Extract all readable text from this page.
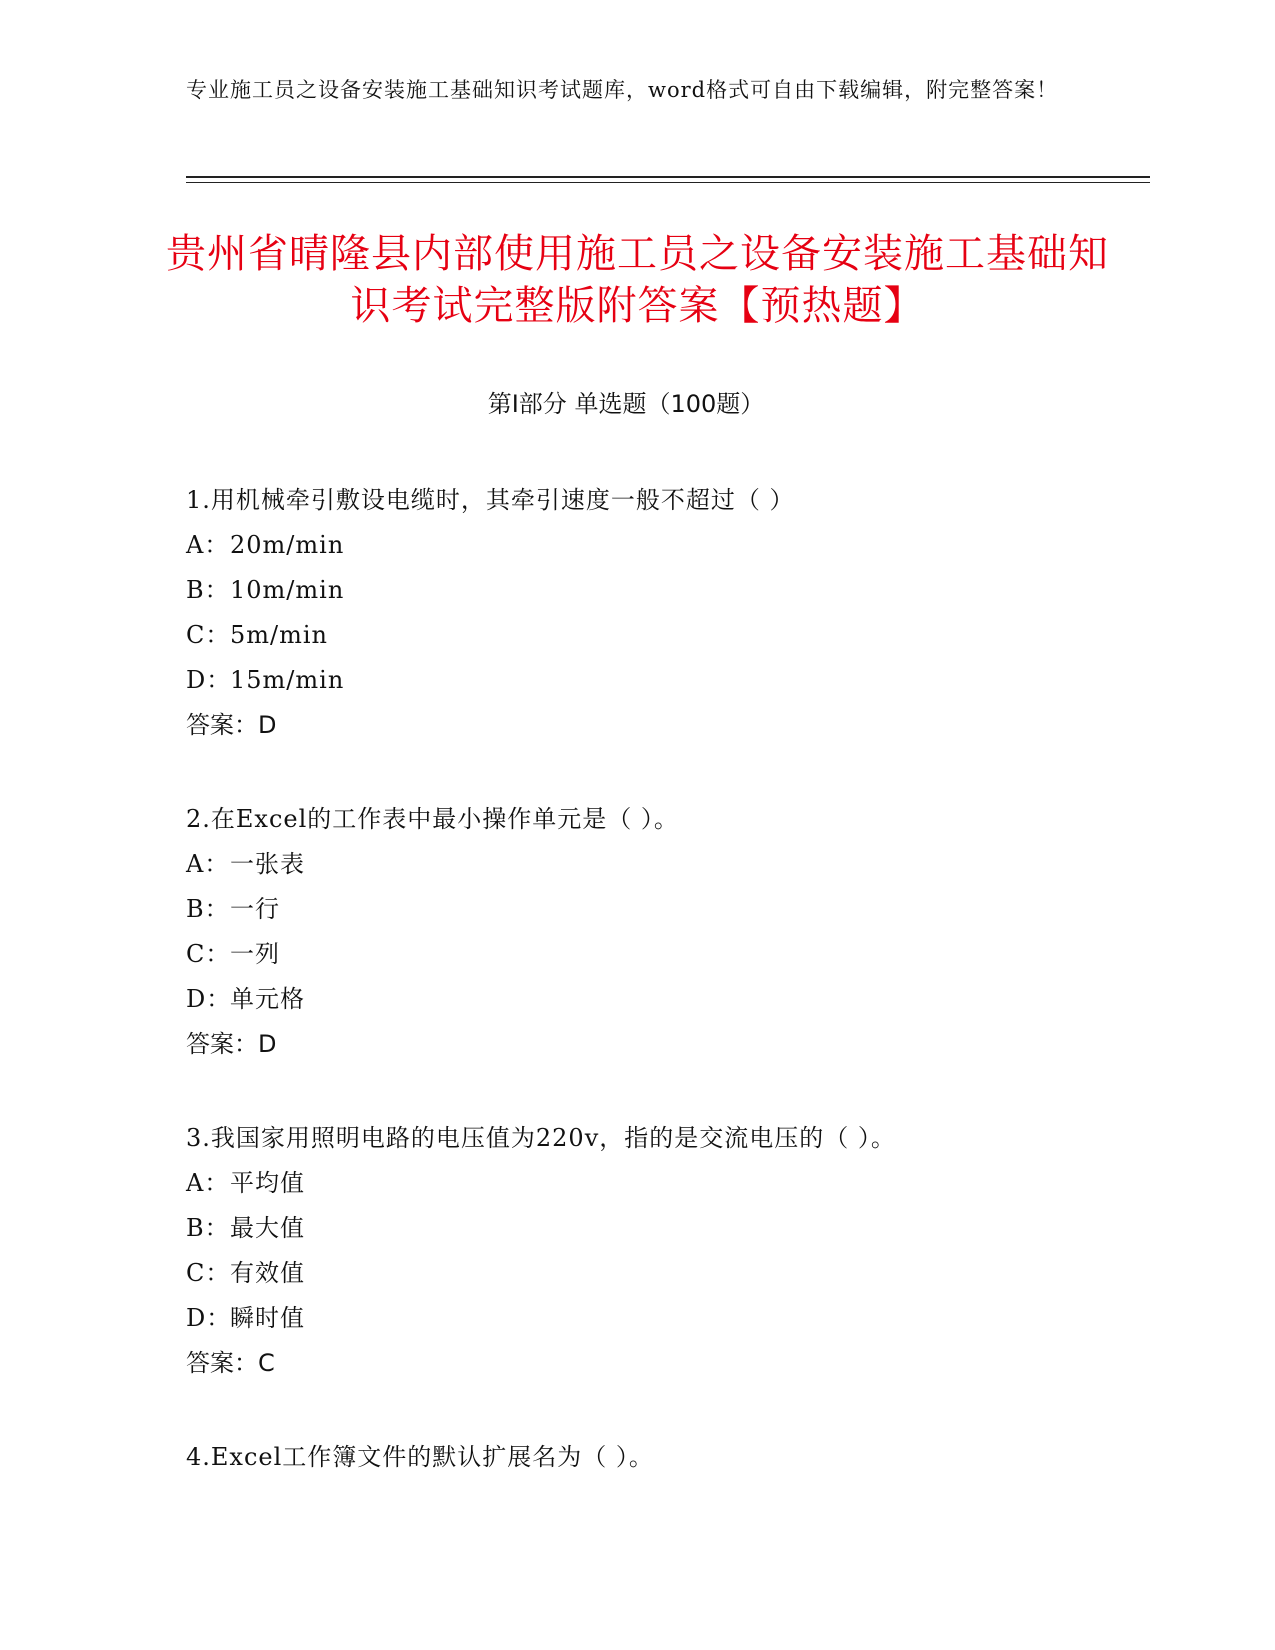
专业施工员之设备安装施工基础知识考试题库，word格式可自由下载编辑，附完整答案！
贵州省晴隆县内部使用施工员之设备安装施工基础知识考试完整版附答案【预热题】
第Ⅰ部分 单选题（100题）
1.用机械牵引敷设电缆时，其牵引速度一般不超过（ ）
A：20m/min
B：10m/min
C：5m/min
D：15m/min
答案：D
2.在Excel的工作表中最小操作单元是（ ）。
A：一张表
B：一行
C：一列
D：单元格
答案：D
3.我国家用照明电路的电压值为220v，指的是交流电压的（ ）。
A：平均值
B：最大值
C：有效值
D：瞬时值
答案：C
4.Excel工作簿文件的默认扩展名为（ ）。
